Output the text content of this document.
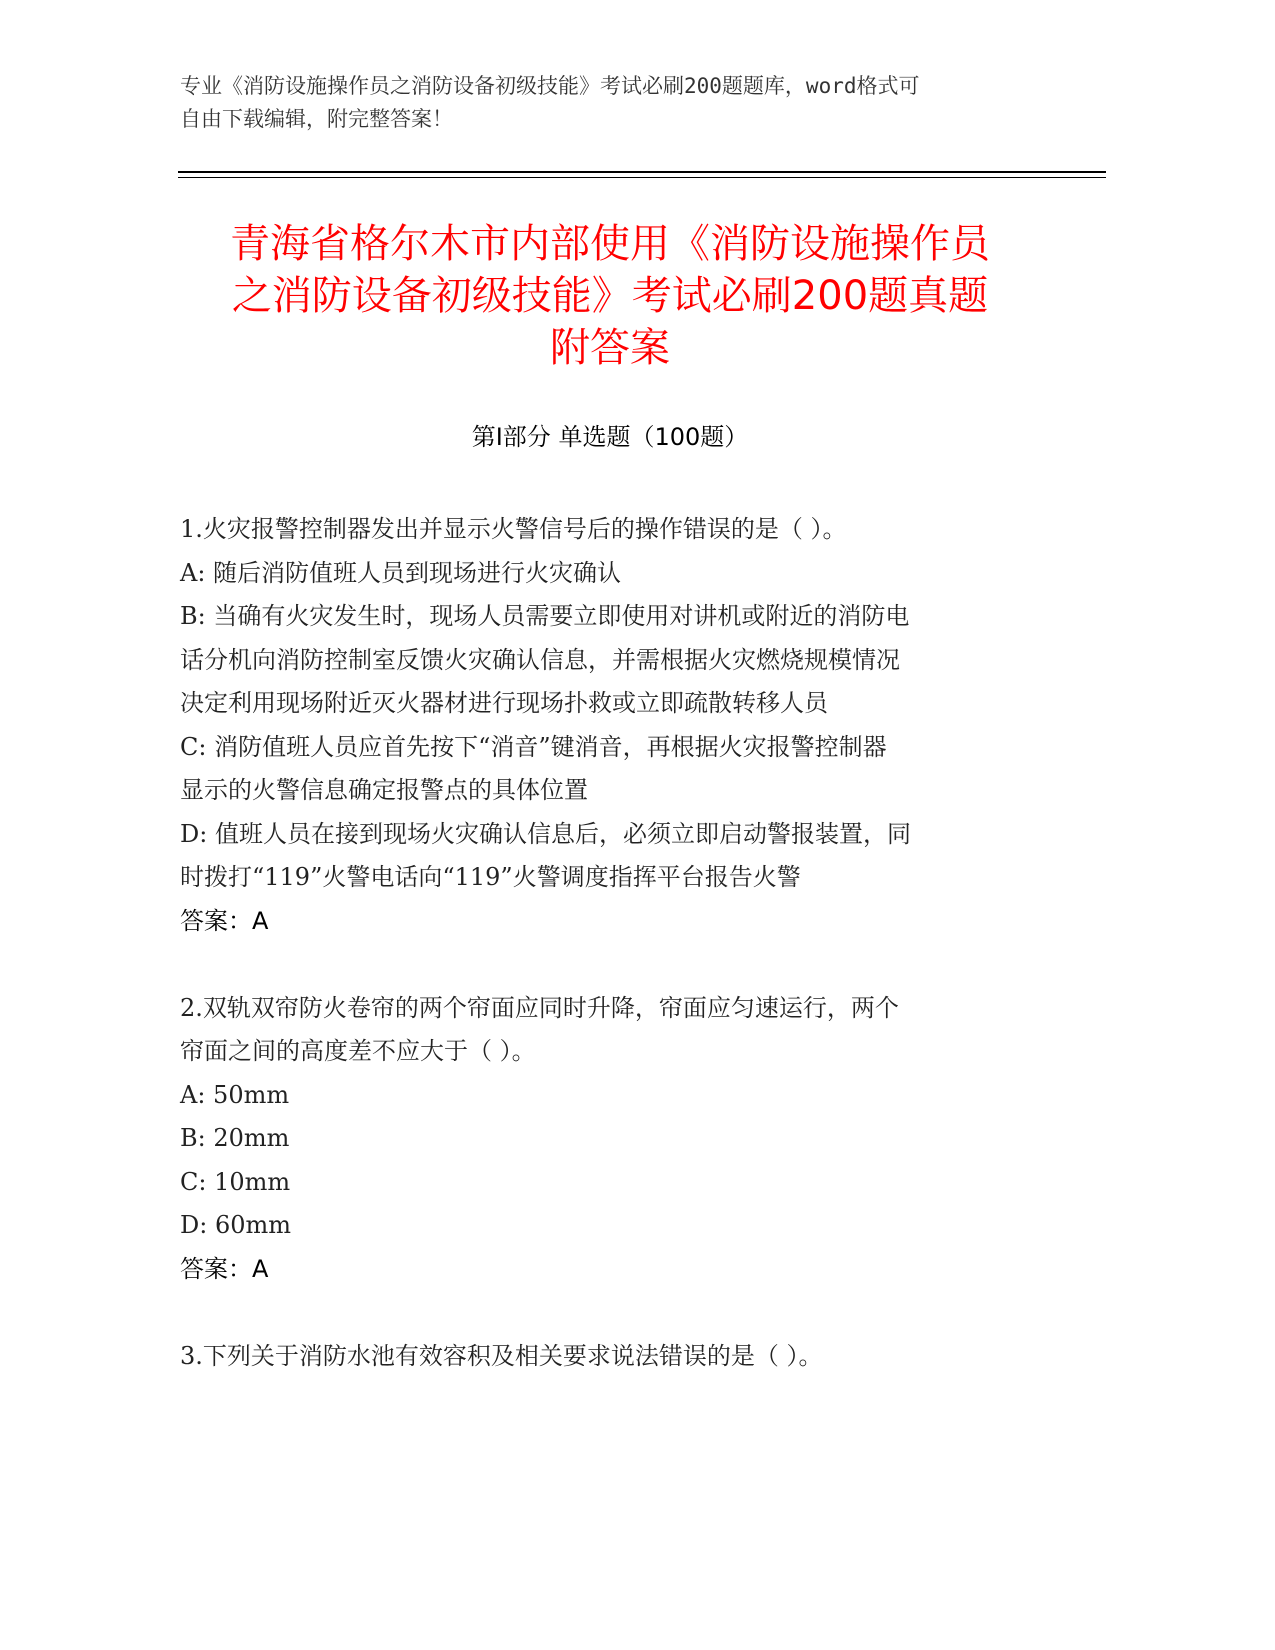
专业《消防设施操作员之消防设备初级技能》考试必刷200题题库，word格式可
自由下载编辑，附完整答案！
青海省格尔木市内部使用《消防设施操作员
之消防设备初级技能》考试必刷200题真题
附答案
第Ⅰ部分 单选题（100题）
1.火灾报警控制器发出并显示火警信号后的操作错误的是（ ）。
A: 随后消防值班人员到现场进行火灾确认
B: 当确有火灾发生时，现场人员需要立即使用对讲机或附近的消防电
话分机向消防控制室反馈火灾确认信息，并需根据火灾燃烧规模情况
决定利用现场附近灭火器材进行现场扑救或立即疏散转移人员
C: 消防值班人员应首先按下“消音”键消音，再根据火灾报警控制器
显示的火警信息确定报警点的具体位置
D: 值班人员在接到现场火灾确认信息后，必须立即启动警报装置，同
时拨打“119”火警电话向“119”火警调度指挥平台报告火警
答案：A
2.双轨双帘防火卷帘的两个帘面应同时升降，帘面应匀速运行，两个
帘面之间的高度差不应大于（ ）。
A: 50mm
B: 20mm
C: 10mm
D: 60mm
答案：A
3.下列关于消防水池有效容积及相关要求说法错误的是（ ）。
